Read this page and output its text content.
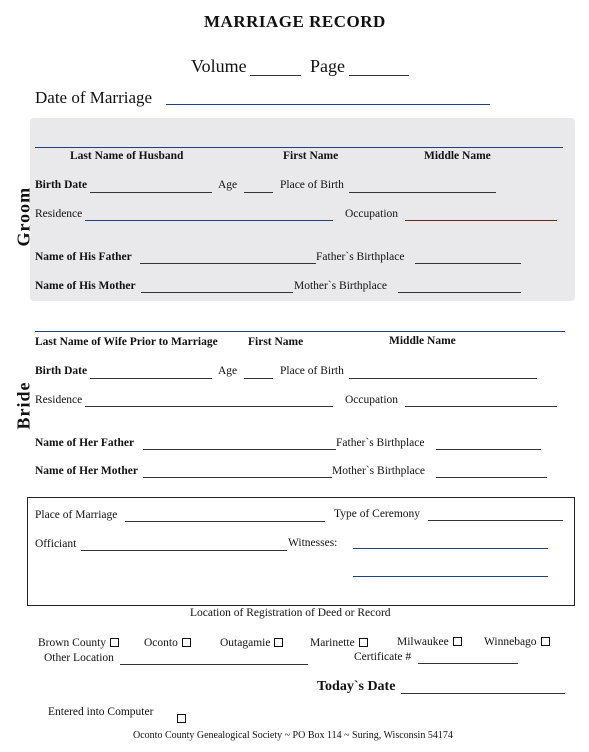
MARRIAGE RECORD
Volume	Page
Date of Marriage
Groom
Last Name of Husband	First Name	Middle Name
Birth Date	Age	Place of Birth
Residence	Occupation
Name of His Father	Father`s Birthplace
Name of His Mother	Mother`s Birthplace
Bride
Last Name of Wife Prior to Marriage	First Name	Middle Name
Birth Date	Age	Place of Birth
Residence	Occupation
Name of Her Father	Father`s Birthplace
Name of Her Mother	Mother`s Birthplace
Place of Marriage	Type of Ceremony
Officiant	Witnesses:
Location of Registration of Deed or Record
Brown County	Oconto	Outagamie	Marinette	Milwaukee	Winnebago
Other Location	Certificate #
Today`s Date
Entered into Computer
Oconto County Genealogical Society ~ PO Box 114 ~ Suring, Wisconsin 54174
